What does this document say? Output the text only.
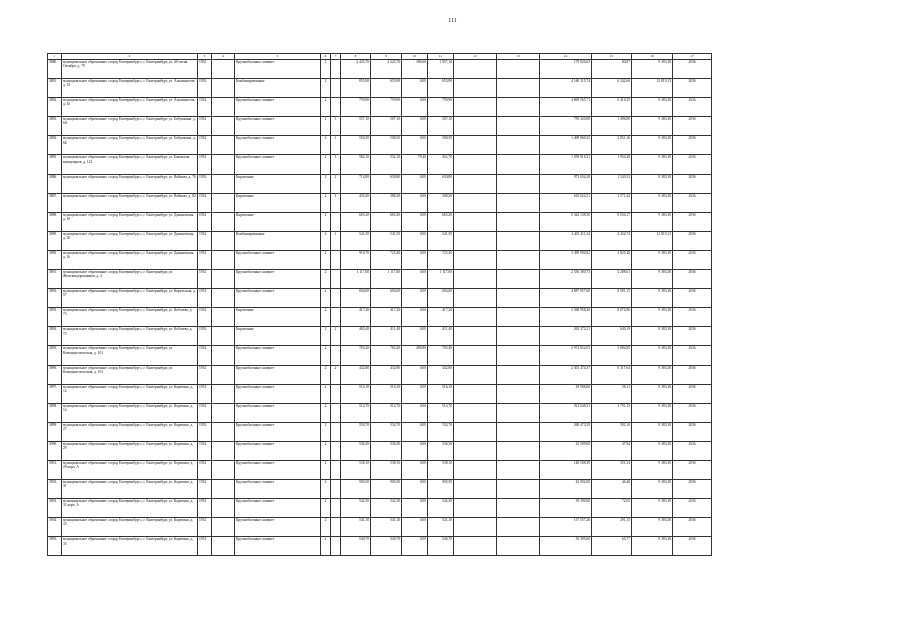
111
1	2	3	4	5	6	7	8	9	10	11	12	13	14	15	16	17
3880.	муниципальное образование «город Екатеринбург», г. Екатеринбург, ул. 40-летия Октября, д. 79	1952		Крупноблочные сшивает	5		2 425,70	2 225,70	386,60	1 957,10			179 826,63	80,87	9 383,38	2036
3881.	муниципальное образование «город Екатеринбург», г. Екатеринбург, ул. Альпинистов, д. 43	1952		Комбинированные	2		855,90	655,90	0,00	655,90			4 160 115,74	6 342,66	12 819,13	2036
3882.	муниципальное образование «город Екатеринбург», г. Екатеринбург, ул. Альпинистов, д. 45	1952		Крупноблочные сшивает	2		759,90	759,90	0,00	759,90			4 869 565,71	6 410,25	9 383,38	2036
3883.	муниципальное образование «город Екатеринбург», г. Екатеринбург, ул. Бабушкина, д. 6А	1952		Крупноблочные сшивает	2	1	557,10	507,10	0,00	507,10			759 320,68	1 496,80	9 383,38	2036
3884.	муниципальное образование «город Екатеринбург», г. Екатеринбург, ул. Бабушкина, д. 6Б	1952		Крупноблочные сшивает	2	1	556,50	508,50	0,00	508,50			1 409 969,25	2 851,16	9 383,38	2036
3885.	муниципальное образование «город Екатеринбург», г. Екатеринбург, ул. Баковская коммунаров, д. 123	1952		Крупноблочные сшивает	2	1	582,10	532,10	79,40	452,70			1 039 918,31	1 954,36	9 383,38	2036
3886.	муниципальное образование «город Екатеринбург», г. Екатеринбург, ул. Войкова, д. 76	1952		Кирпичные	2	2	714,00	630,80	0,00	630,80			973 654,28	1 543,52	9 383,38	2036
3887.	муниципальное образование «город Екатеринбург», г. Екатеринбург, ул. Войкова, д. 82	1952		Кирпичные	2	1	435,20	388,20	0,00	388,20			610 024,51	1 571,42	9 383,38	2036
3888.	муниципальное образование «город Екатеринбург», г. Екатеринбург, ул. Даньковская, д. 18	1952		Кирпичные	2		665,20	665,20	0,00	665,20			5 344 138,50	8 034,17	9 383,38	2036
3889.	муниципальное образование «город Екатеринбург», г. Екатеринбург, ул. Даньковская, д. 20	1952		Комбинированные	2	1	541,50	541,50	0,00	541,50			2 401 411,34	4 434,74	12 819,13	2036
3890.	муниципальное образование «город Екатеринбург», г. Екатеринбург, ул. Даньковская, д. 16	1952		Крупноблочные сшивает	2		918,70	725,40	0,00	725,40			3 499 994,82	4 825,46	9 383,38	2036
3891.	муниципальное образование «город Екатеринбург», г. Екатеринбург, ул. Железнодорожников, д. 4	1952		Крупноблочные сшивает	2		1 117,00	1 117,00	0,00	1 117,00			2 556 380,73	2 288,61	9 383,38	2036
3892.	муниципальное образование «город Екатеринбург», г. Екатеринбург, ул. Карельская, д. 57	1952		Крупноблочные сшивает	2		604,00	604,00	0,00	604,00			4 887 057,60	8 091,15	9 383,38	2036
3893.	муниципальное образование «город Екатеринбург», г. Екатеринбург, ул. Кобозева, д. 73	1952		Кирпичные	2		417,20	417,20	0,00	417,20			3 368 958,20	8 074,96	9 383,38	2036
3894.	муниципальное образование «город Екатеринбург», г. Екатеринбург, ул. Кобозева, д. 75	1952		Кирпичные	2	2	465,40	411,40	0,00	411,40			263 372,21	640,19	9 383,38	2036
3895.	муниципальное образование «город Екатеринбург», г. Екатеринбург, ул. Коммунистическая, д. 101	1952		Крупноблочные сшивает	2		765,20	765,20	490,80	765,40			2 972 652,03	3 884,80	9 383,38	2036
3896.	муниципальное образование «город Екатеринбург», г. Екатеринбург, ул. Коммунистическая, д. 103	1952		Крупноблочные сшивает	2	2	432,80	432,80	0,00	432,80			2 301 474,37	5 317,64	9 383,38	2036
3897.	муниципальное образование «город Екатеринбург», г. Екатеринбург, ул. Корепина, д. 12	1952		Крупноблочные сшивает	2		516,10	516,10	0,00	516,10			29 908,00	58,11	9 383,38	2036
3898.	муниципальное образование «город Екатеринбург», г. Екатеринбург, ул. Корепина, д. 14	1952		Крупноблочные сшивает	2		514,70	514,70	0,00	514,70			921 048,31	1 791,15	9 383,38	2036
3899.	муниципальное образование «город Екатеринбург», г. Екатеринбург, ул. Корепина, д. 27	1952		Крупноблочные сшивает	2		550,70	534,70	0,00	534,70			268 473,50	502,10	9 383,38	2036
3900.	муниципальное образование «город Екатеринбург», г. Екатеринбург, ул. Корепина, д. 29	1952		Крупноблочные сшивает	2		536,30	536,30	0,00	536,30			25 509,00	47,94	9 383,38	2036
3901.	муниципальное образование «город Екатеринбург», г. Екатеринбург, ул. Корепина, д. 29 корп. А	1952		Крупноблочные сшивает	2		538,10	538,10	0,00	538,10			148 508,29	351,14	9 383,38	2036
3902.	муниципальное образование «город Екатеринбург», г. Екатеринбург, ул. Корепина, д. 31	1952		Крупноблочные сшивает	2		905,50	905,50	0,00	905,50			42 002,00	46,40	9 383,38	2036
3903.	муниципальное образование «город Екатеринбург», г. Екатеринбург, ул. Корепина, д. 31 корп. А	1952		Крупноблочные сшивает	2		542,30	542,30	0,00	542,30			39 390,00	72,65	9 383,38	2036
3904.	муниципальное образование «город Екатеринбург», г. Екатеринбург, ул. Корепина, д. 33	1952		Крупноблочные сшивает	2		541,10	541,10	0,00	541,10			157 557,26	291,15	9 383,38	2036
3905.	муниципальное образование «город Екатеринбург», г. Екатеринбург, ул. Корепина, д. 35	1952		Крупноблочные сшивает	2		540,70	540,70	0,00	540,70			35 395,00	65,77	9 383,38	2036
